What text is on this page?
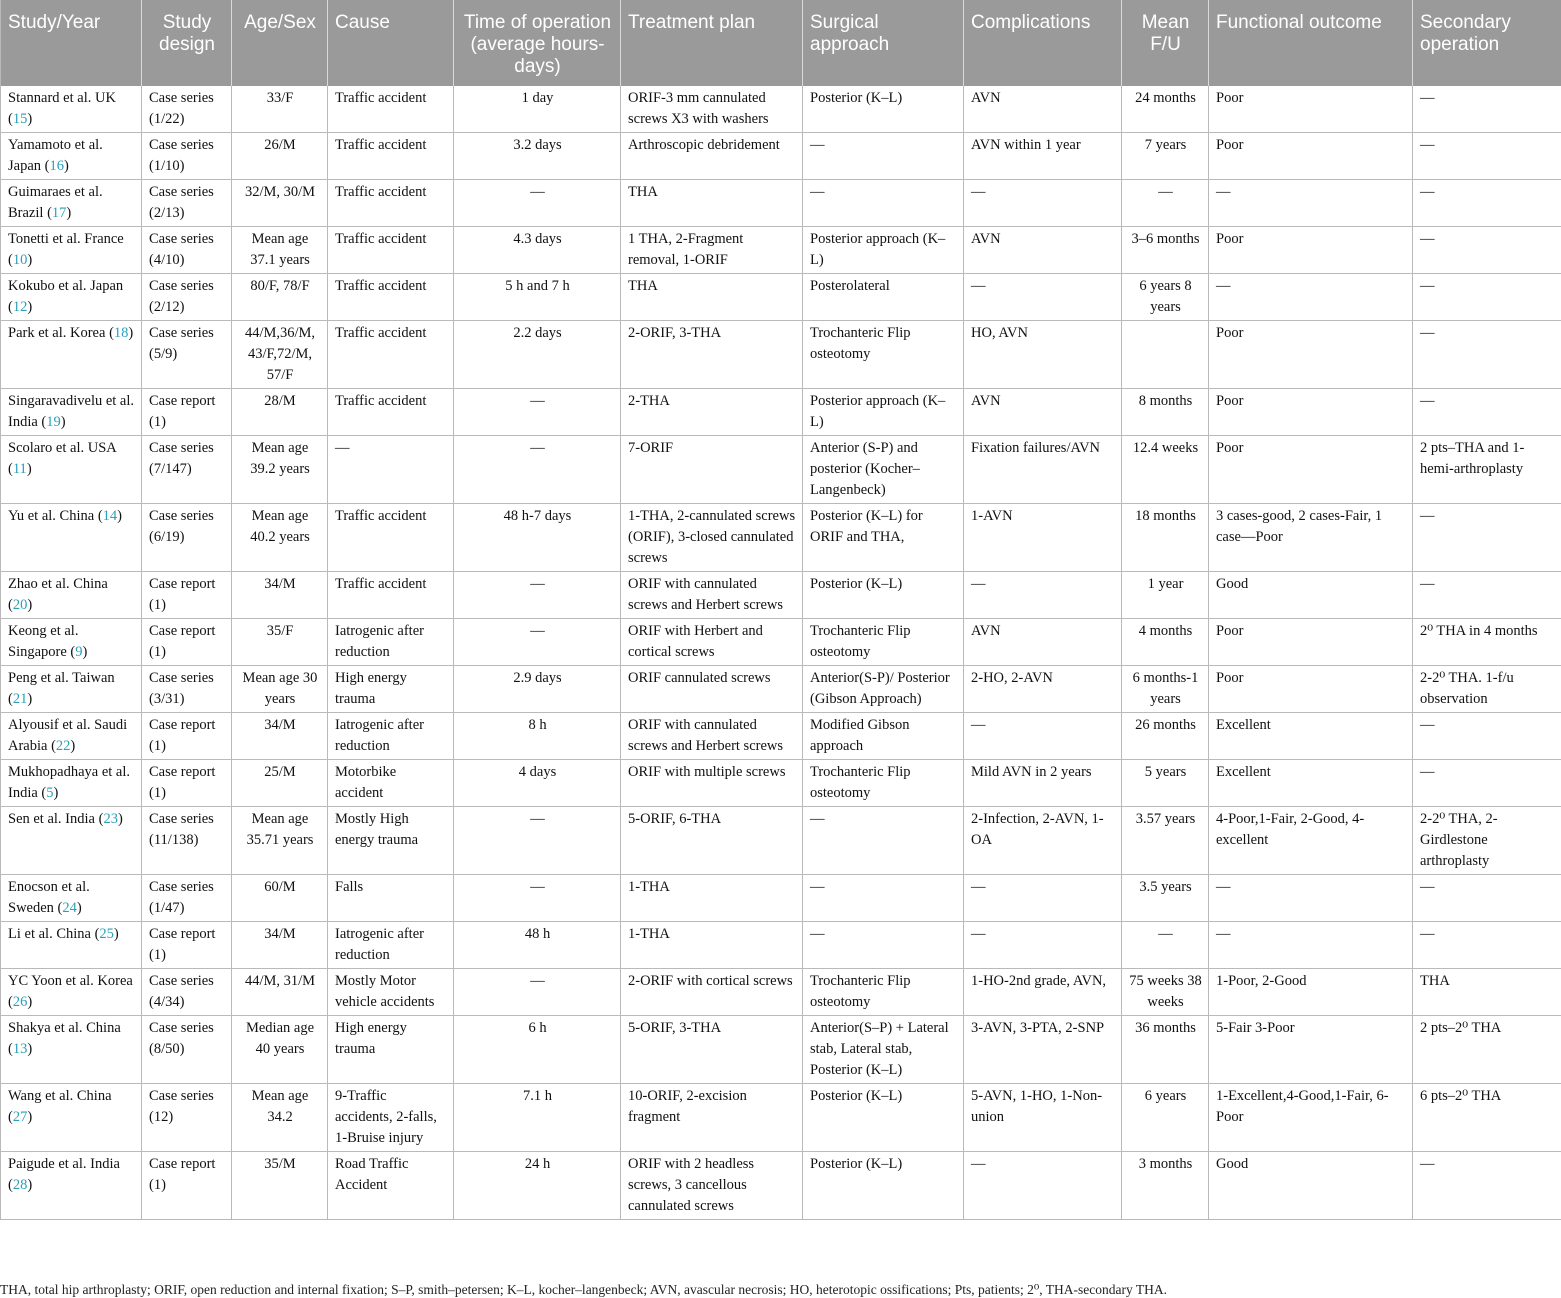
Study/Year	Study design	Age/Sex	Cause	Time of operation (average hours-days)	Treatment plan	Surgical approach	Complications	Mean F/U	Functional outcome	Secondary operation
Stannard et al. UK (15)	Case series (1/22)	33/F	Traffic accident	1 day	ORIF-3 mm cannulated screws X3 with washers	Posterior (K–L)	AVN	24 months	Poor	—
Yamamoto et al. Japan (16)	Case series (1/10)	26/M	Traffic accident	3.2 days	Arthroscopic debridement	—	AVN within 1 year	7 years	Poor	—
Guimaraes et al. Brazil (17)	Case series (2/13)	32/M, 30/M	Traffic accident	—	THA	—	—	—	—	—
Tonetti et al. France (10)	Case series (4/10)	Mean age 37.1 years	Traffic accident	4.3 days	1 THA, 2-Fragment removal, 1-ORIF	Posterior approach (K–L)	AVN	3–6 months	Poor	—
Kokubo et al. Japan (12)	Case series (2/12)	80/F, 78/F	Traffic accident	5 h and 7 h	THA	Posterolateral	—	6 years 8 years	—	—
Park et al. Korea (18)	Case series (5/9)	44/M,36/M, 43/F,72/M, 57/F	Traffic accident	2.2 days	2-ORIF, 3-THA	Trochanteric Flip osteotomy	HO, AVN		Poor	—
Singaravadivelu et al. India (19)	Case report (1)	28/M	Traffic accident	—	2-THA	Posterior approach (K–L)	AVN	8 months	Poor	—
Scolaro et al. USA (11)	Case series (7/147)	Mean age 39.2 years	—	—	7-ORIF	Anterior (S-P) and posterior (Kocher–Langenbeck)	Fixation failures/AVN	12.4 weeks	Poor	2 pts–THA and 1-hemi-arthroplasty
Yu et al. China (14)	Case series (6/19)	Mean age 40.2 years	Traffic accident	48 h-7 days	1-THA, 2-cannulated screws (ORIF), 3-closed cannulated screws	Posterior (K–L) for ORIF and THA,	1-AVN	18 months	3 cases-good, 2 cases-Fair, 1 case—Poor	—
Zhao et al. China (20)	Case report (1)	34/M	Traffic accident	—	ORIF with cannulated screws and Herbert screws	Posterior (K–L)	—	1 year	Good	—
Keong et al. Singapore (9)	Case report (1)	35/F	Iatrogenic after reduction	—	ORIF with Herbert and cortical screws	Trochanteric Flip osteotomy	AVN	4 months	Poor	2⁰ THA in 4 months
Peng et al. Taiwan (21)	Case series (3/31)	Mean age 30 years	High energy trauma	2.9 days	ORIF cannulated screws	Anterior(S-P)/ Posterior (Gibson Approach)	2-HO, 2-AVN	6 months-1 years	Poor	2-2⁰ THA. 1-f/u observation
Alyousif et al. Saudi Arabia (22)	Case report (1)	34/M	Iatrogenic after reduction	8 h	ORIF with cannulated screws and Herbert screws	Modified Gibson approach	—	26 months	Excellent	—
Mukhopadhaya et al. India (5)	Case report (1)	25/M	Motorbike accident	4 days	ORIF with multiple screws	Trochanteric Flip osteotomy	Mild AVN in 2 years	5 years	Excellent	—
Sen et al. India (23)	Case series (11/138)	Mean age 35.71 years	Mostly High energy trauma	—	5-ORIF, 6-THA	—	2-Infection, 2-AVN, 1-OA	3.57 years	4-Poor,1-Fair, 2-Good, 4-excellent	2-2⁰ THA, 2-Girdlestone arthroplasty
Enocson et al. Sweden (24)	Case series (1/47)	60/M	Falls	—	1-THA	—	—	3.5 years	—	—
Li et al. China (25)	Case report (1)	34/M	Iatrogenic after reduction	48 h	1-THA	—	—	—	—	—
YC Yoon et al. Korea (26)	Case series (4/34)	44/M, 31/M	Mostly Motor vehicle accidents	—	2-ORIF with cortical screws	Trochanteric Flip osteotomy	1-HO-2nd grade, AVN,	75 weeks 38 weeks	1-Poor, 2-Good	THA
Shakya et al. China (13)	Case series (8/50)	Median age 40 years	High energy trauma	6 h	5-ORIF, 3-THA	Anterior(S–P) + Lateral stab, Lateral stab, Posterior (K–L)	3-AVN, 3-PTA, 2-SNP	36 months	5-Fair 3-Poor	2 pts–2⁰ THA
Wang et al. China (27)	Case series (12)	Mean age 34.2	9-Traffic accidents, 2-falls, 1-Bruise injury	7.1 h	10-ORIF, 2-excision fragment	Posterior (K–L)	5-AVN, 1-HO, 1-Non-union	6 years	1-Excellent,4-Good,1-Fair, 6-Poor	6 pts–2⁰ THA
Paigude et al. India (28)	Case report (1)	35/M	Road Traffic Accident	24 h	ORIF with 2 headless screws, 3 cancellous cannulated screws	Posterior (K–L)	—	3 months	Good	—
THA, total hip arthroplasty; ORIF, open reduction and internal fixation; S–P, smith–petersen; K–L, kocher–langenbeck; AVN, avascular necrosis; HO, heterotopic ossifications; Pts, patients; 2⁰, THA-secondary THA.
